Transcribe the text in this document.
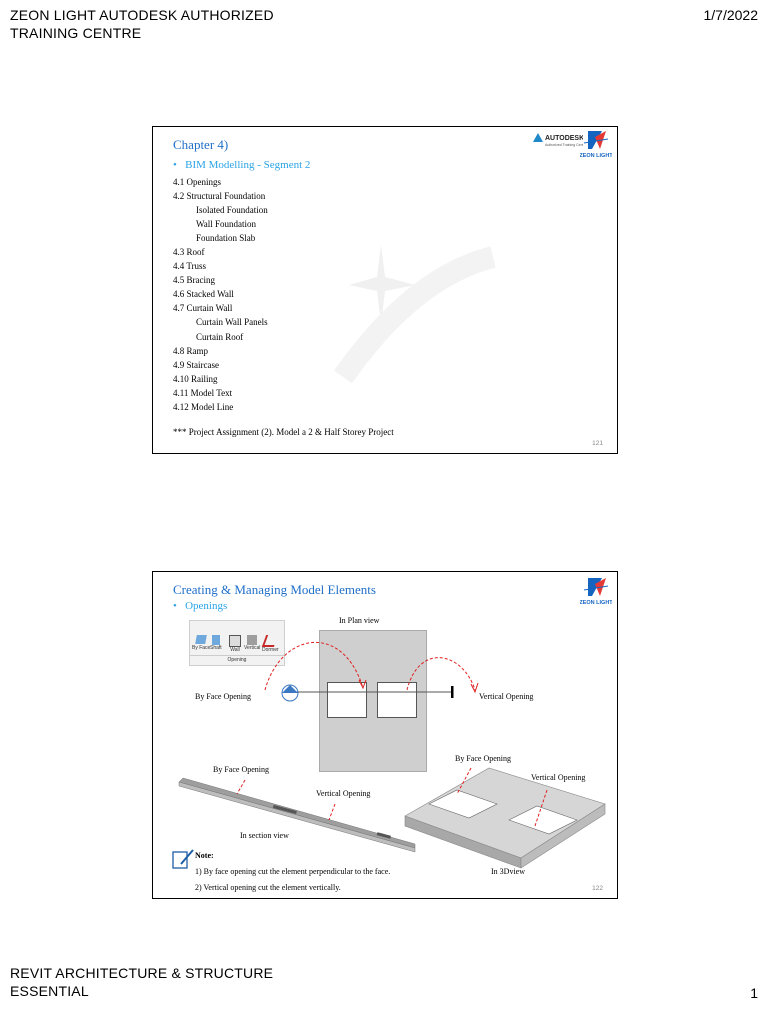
ZEON LIGHT AUTODESK AUTHORIZED
TRAINING CENTRE
1/7/2022
Chapter 4)
•   BIM Modelling - Segment 2
4.1 Openings
4.2 Structural Foundation
Isolated Foundation
Wall Foundation
Foundation Slab
4.3 Roof
4.4 Truss
4.5 Bracing
4.6 Stacked Wall
4.7 Curtain Wall
Curtain Wall Panels
Curtain Roof
4.8 Ramp
4.9 Staircase
4.10 Railing
4.11 Model Text
4.12 Model Line
*** Project Assignment (2). Model a 2 & Half Storey Project
121
AUTODESK
Authorized Training Center
ZEON LIGHT
Creating & Managing Model Elements
•   Openings	ZEON LIGHT
By Face Shaft Wall Vertical Dormer
Opening
In Plan view
By Face Opening	Vertical Opening
By Face Opening
Vertical Opening
By Face Opening
Vertical Opening
In section view
In 3Dview
Note:
1) By face opening cut the element perpendicular to the face.
2) Vertical opening cut the element vertically.	122
REVIT ARCHITECTURE & STRUCTURE
ESSENTIAL	1
